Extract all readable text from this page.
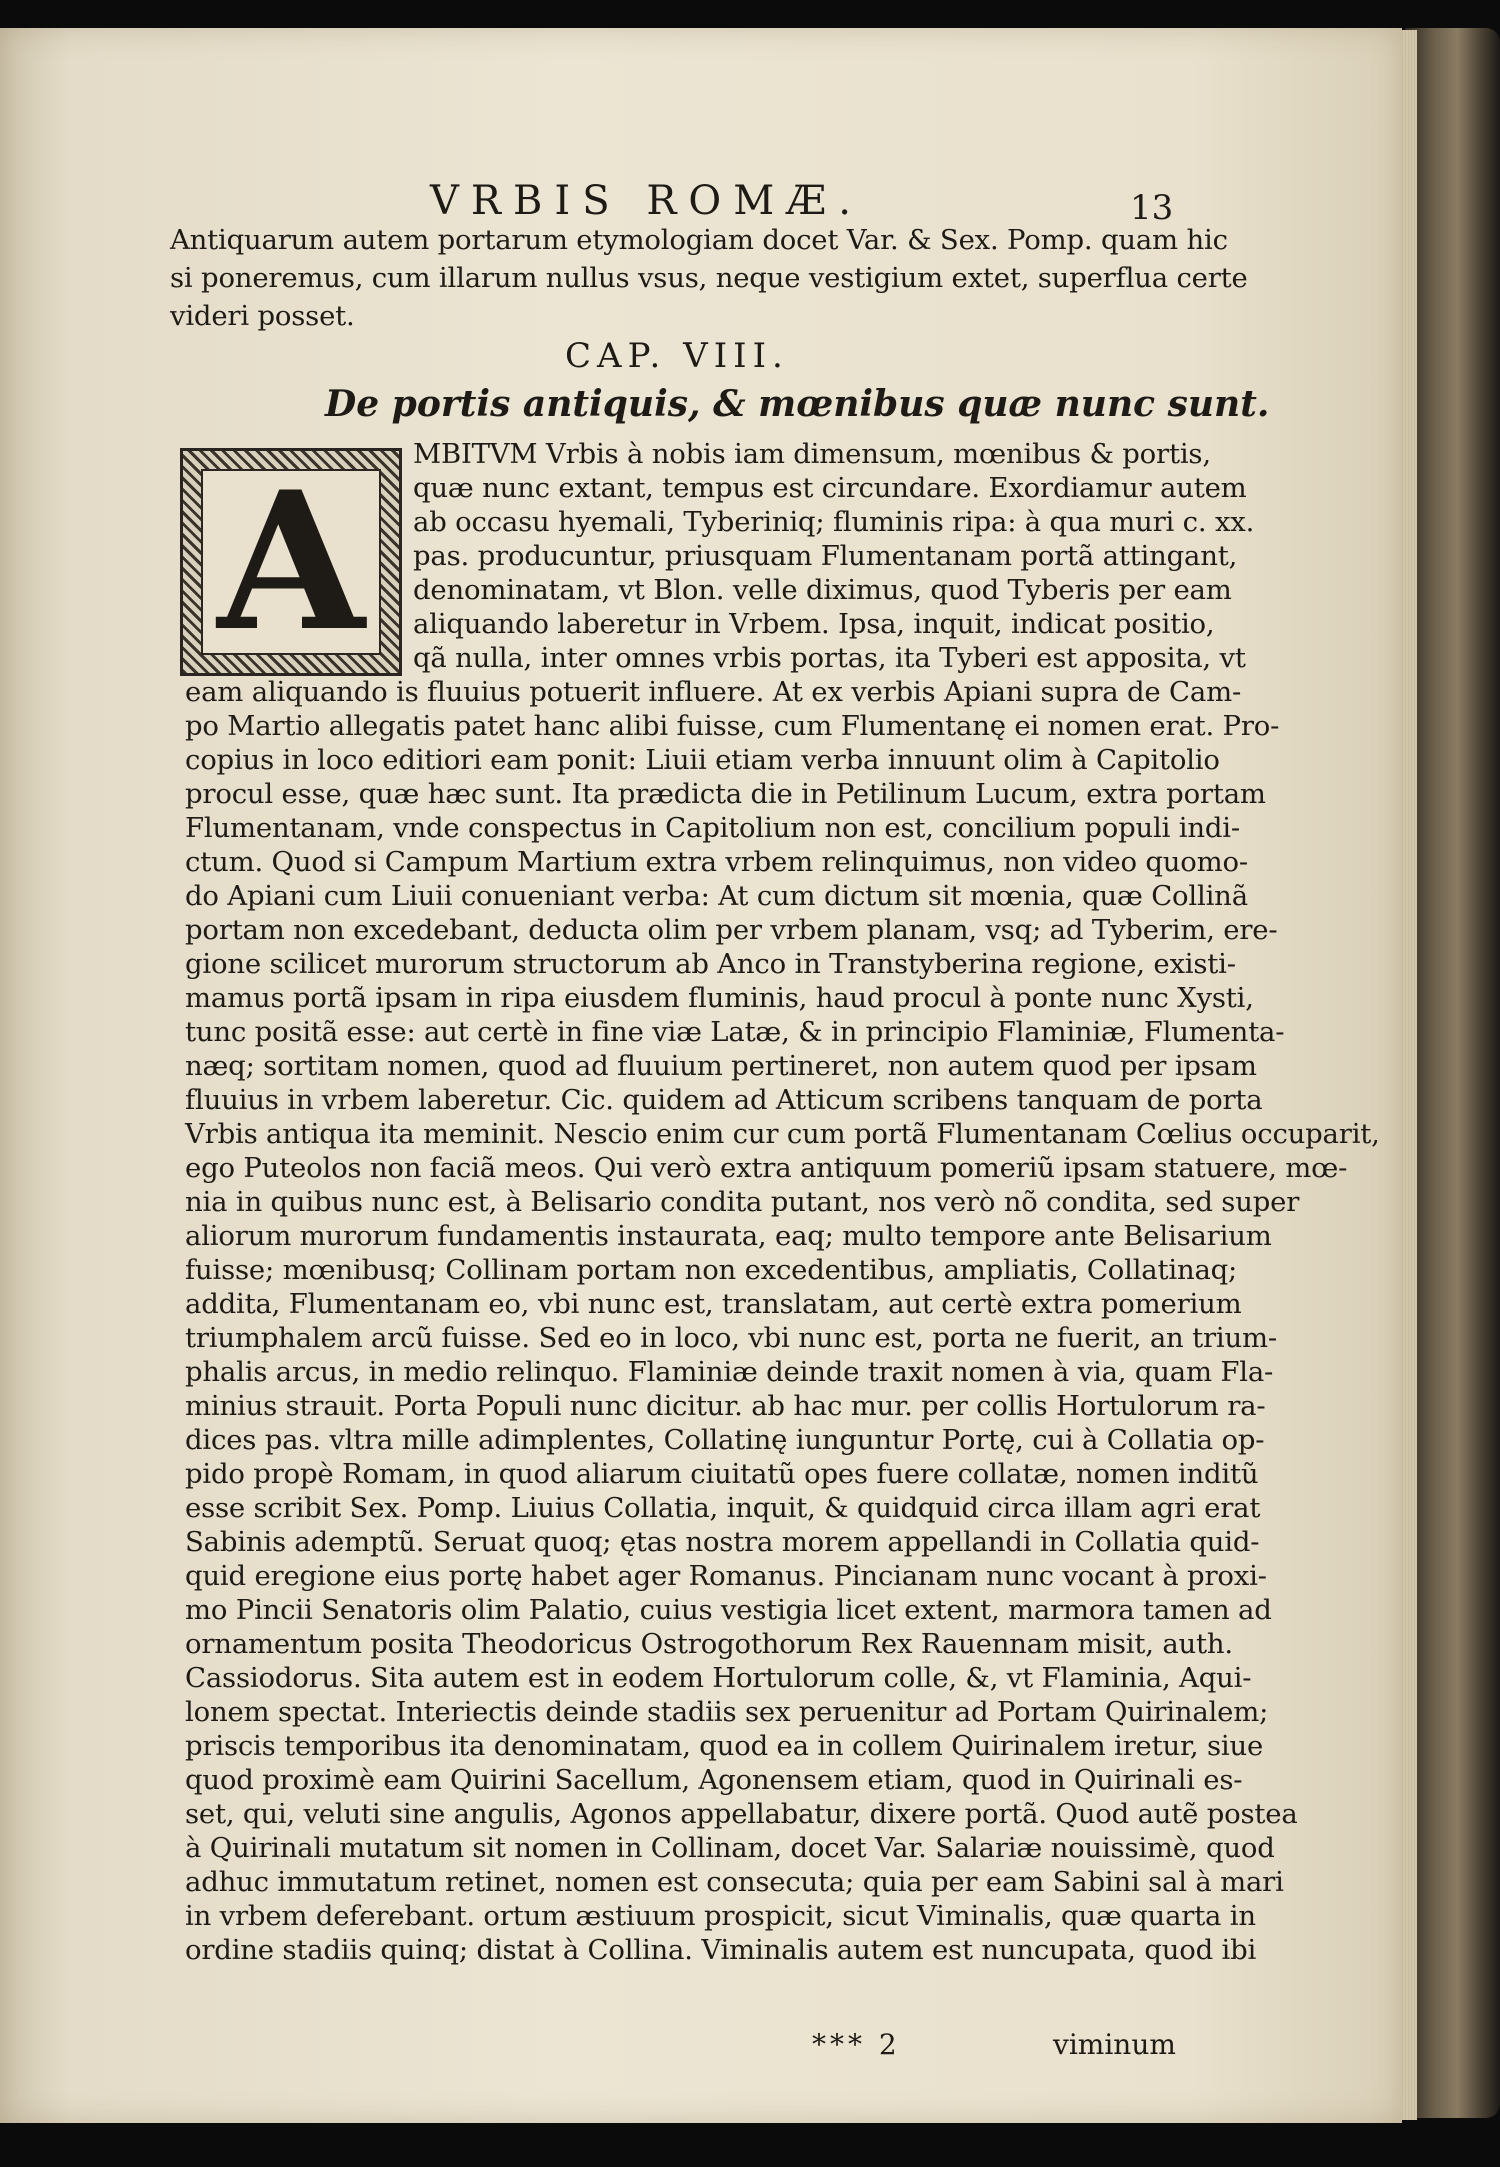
VRBIS ROMÆ.	13
Antiquarum autem portarum etymologiam docet Var. & Sex. Pomp. quam hic
si poneremus, cum illarum nullus vsus, neque vestigium extet, superflua certe
videri posset.
CAP. VIII.
De portis antiquis, & mœnibus quæ nunc sunt.
A MBITVM Vrbis à nobis iam dimensum, mœnibus & portis,
quæ nunc extant, tempus est circundare. Exordiamur autem
ab occasu hyemali, Tyberiniq; fluminis ripa: à qua muri c. xx.
pas. producuntur, priusquam Flumentanam portã attingant,
denominatam, vt Blon. velle diximus, quod Tyberis per eam
aliquando laberetur in Vrbem. Ipsa, inquit, indicat positio,
qã nulla, inter omnes vrbis portas, ita Tyberi est apposita, vt
eam aliquando is fluuius potuerit influere. At ex verbis Apiani supra de Cam-
po Martio allegatis patet hanc alibi fuisse, cum Flumentanę ei nomen erat. Pro-
copius in loco editiori eam ponit: Liuii etiam verba innuunt olim à Capitolio
procul esse, quæ hæc sunt. Ita prædicta die in Petilinum Lucum, extra portam
Flumentanam, vnde conspectus in Capitolium non est, concilium populi indi-
ctum. Quod si Campum Martium extra vrbem relinquimus, non video quomo-
do Apiani cum Liuii conueniant verba: At cum dictum sit mœnia, quæ Collinã
portam non excedebant, deducta olim per vrbem planam, vsq; ad Tyberim, ere-
gione scilicet murorum structorum ab Anco in Transtyberina regione, existi-
mamus portã ipsam in ripa eiusdem fluminis, haud procul à ponte nunc Xysti,
tunc positã esse: aut certè in fine viæ Latæ, & in principio Flaminiæ, Flumenta-
næq; sortitam nomen, quod ad fluuium pertineret, non autem quod per ipsam
fluuius in vrbem laberetur. Cic. quidem ad Atticum scribens tanquam de porta
Vrbis antiqua ita meminit. Nescio enim cur cum portã Flumentanam Cœlius occuparit,
ego Puteolos non faciã meos. Qui verò extra antiquum pomeriũ ipsam statuere, mœ-
nia in quibus nunc est, à Belisario condita putant, nos verò nõ condita, sed super
aliorum murorum fundamentis instaurata, eaq; multo tempore ante Belisarium
fuisse; mœnibusq; Collinam portam non excedentibus, ampliatis, Collatinaq;
addita, Flumentanam eo, vbi nunc est, translatam, aut certè extra pomerium
triumphalem arcũ fuisse. Sed eo in loco, vbi nunc est, porta ne fuerit, an trium-
phalis arcus, in medio relinquo. Flaminiæ deinde traxit nomen à via, quam Fla-
minius strauit. Porta Populi nunc dicitur. ab hac mur. per collis Hortulorum ra-
dices pas. vltra mille adimplentes, Collatinę iunguntur Portę, cui à Collatia op-
pido propè Romam, in quod aliarum ciuitatũ opes fuere collatæ, nomen inditũ
esse scribit Sex. Pomp. Liuius Collatia, inquit, & quidquid circa illam agri erat
Sabinis ademptũ. Seruat quoq; ętas nostra morem appellandi in Collatia quid-
quid eregione eius portę habet ager Romanus. Pincianam nunc vocant à proxi-
mo Pincii Senatoris olim Palatio, cuius vestigia licet extent, marmora tamen ad
ornamentum posita Theodoricus Ostrogothorum Rex Rauennam misit, auth.
Cassiodorus. Sita autem est in eodem Hortulorum colle, &, vt Flaminia, Aqui-
lonem spectat. Interiectis deinde stadiis sex peruenitur ad Portam Quirinalem;
priscis temporibus ita denominatam, quod ea in collem Quirinalem iretur, siue
quod proximè eam Quirini Sacellum, Agonensem etiam, quod in Quirinali es-
set, qui, veluti sine angulis, Agonos appellabatur, dixere portã. Quod autẽ postea
à Quirinali mutatum sit nomen in Collinam, docet Var. Salariæ nouissimè, quod
adhuc immutatum retinet, nomen est consecuta; quia per eam Sabini sal à mari
in vrbem deferebant. ortum æstiuum prospicit, sicut Viminalis, quæ quarta in
ordine stadiis quinq; distat à Collina. Viminalis autem est nuncupata, quod ibi
*** 2	viminum
